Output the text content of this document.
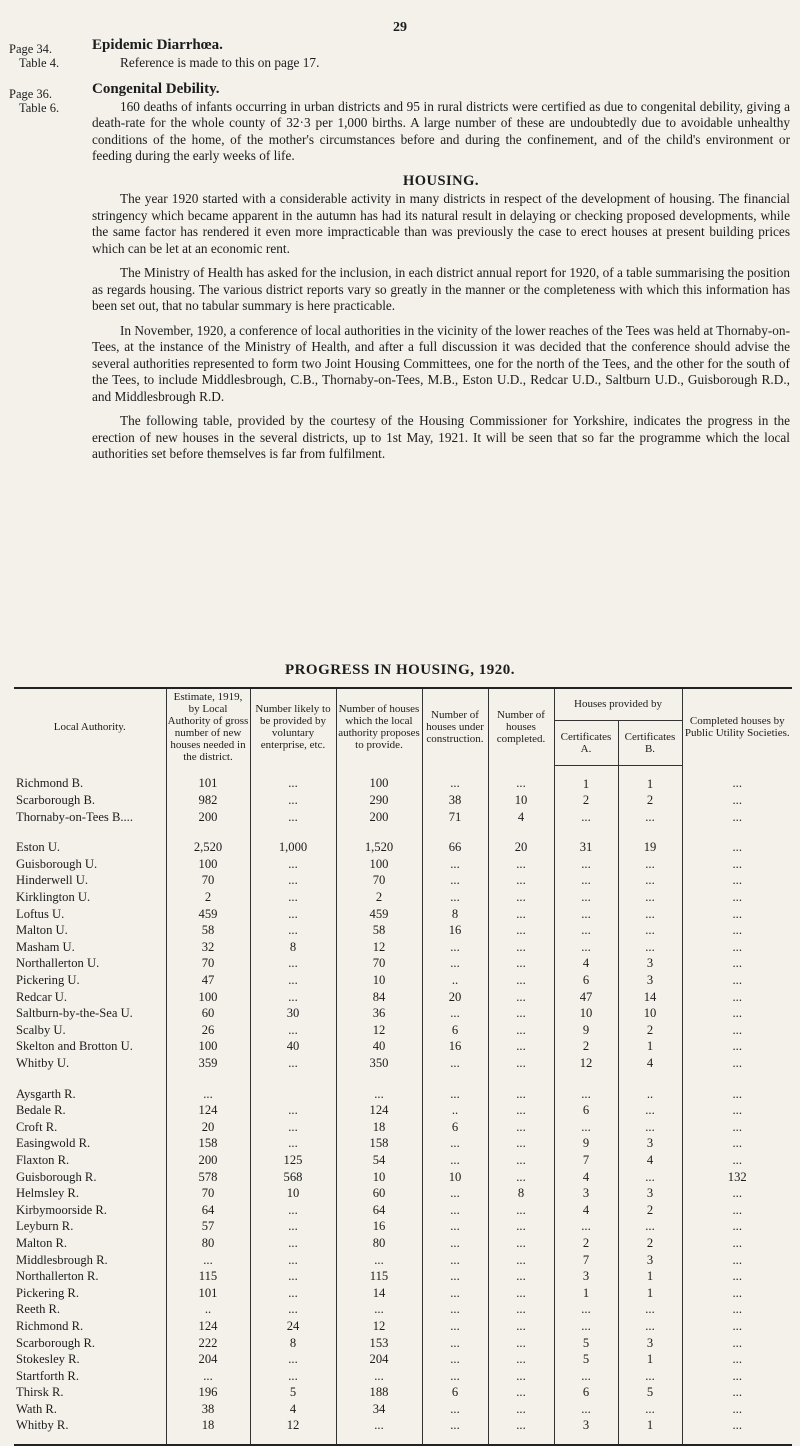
29
Page 34.
Table 4.
Page 36.
Table 6.
Epidemic Diarrhœa.

Reference is made to this on page 17.

Congenital Debility.

160 deaths of infants occurring in urban districts and 95 in rural districts were certified as due to congenital debility, giving a death-rate for the whole county of 32·3 per 1,000 births. A large number of these are undoubtedly due to avoidable unhealthy conditions of the home, of the mother's circumstances before and during the confinement, and of the child's environment or feeding during the early weeks of life.

HOUSING.

The year 1920 started with a considerable activity in many districts in respect of the development of housing. The financial stringency which became apparent in the autumn has had its natural result in delaying or checking proposed developments, while the same factor has rendered it even more impracticable than was previously the case to erect houses at present building prices which can be let at an economic rent.

The Ministry of Health has asked for the inclusion, in each district annual report for 1920, of a table summarising the position as regards housing. The various district reports vary so greatly in the manner or the completeness with which this information has been set out, that no tabular summary is here practicable.

In November, 1920, a conference of local authorities in the vicinity of the lower reaches of the Tees was held at Thornaby-on-Tees, at the instance of the Ministry of Health, and after a full discussion it was decided that the conference should advise the several authorities represented to form two Joint Housing Committees, one for the north of the Tees, and the other for the south of the Tees, to include Middlesbrough, C.B., Thornaby-on-Tees, M.B., Eston U.D., Redcar U.D., Saltburn U.D., Guisborough R.D., and Middlesbrough R.D.

The following table, provided by the courtesy of the Housing Commissioner for Yorkshire, indicates the progress in the erection of new houses in the several districts, up to 1st May, 1921. It will be seen that so far the programme which the local authorities set before themselves is far from fulfilment.

PROGRESS IN HOUSING, 1920.
Local Authority.	Estimate, 1919, by Local Authority of gross number of new houses needed in the district.	Number likely to be provided by voluntary enterprise, etc.	Number of houses which the local authority proposes to provide.	Number of houses under construction.	Number of houses completed.	Houses provided by		Completed houses by Public Utility Societies.
						Certificates A.	Certificates B.	
Richmond B.	101	...	100	...	...	1	1	...
Scarborough B.	982	...	290	38	10	2	2	...
Thornaby-on-Tees B....	200	...	200	71	4	...	...	...

Eston U.	2,520	1,000	1,520	66	20	31	19	...
Guisborough U.	100	...	100	...	...	...	...	...
Hinderwell U.	70	...	70	...	...	...	...	...
Kirklington U.	2	...	2	...	...	...	...	...
Loftus U.	459	...	459	8	...	...	...	...
Malton U.	58	...	58	16	...	...	...	...
Masham U.	32	8	12	...	...	...	...	...
Northallerton U.	70	...	70	...	...	4	3	...
Pickering U.	47	...	10	..	...	6	3	...
Redcar U.	100	...	84	20	...	47	14	...
Saltburn-by-the-Sea U.	60	30	36	...	...	10	10	...
Scalby U.	26	...	12	6	...	9	2	...
Skelton and Brotton U.	100	40	40	16	...	2	1	...
Whitby U.	359	...	350	...	...	12	4	...

Aysgarth R.	...		...	...	...	...	..	...
Bedale R.	124	...	124	..	...	6	...	...
Croft R.	20	...	18	6	...	...	...	...
Easingwold R.	158	...	158	...	...	9	3	...
Flaxton R.	200	125	54	...	...	7	4	...
Guisborough R.	578	568	10	10	...	4	...	132
Helmsley R.	70	10	60	...	8	3	3	...
Kirbymoorside R.	64	...	64	...	...	4	2	...
Leyburn R.	57	...	16	...	...	...	...	...
Malton R.	80	...	80	...	...	2	2	...
Middlesbrough R.	...	...	...	...	...	7	3	...
Northallerton R.	115	...	115	...	...	3	1	...
Pickering R.	101	...	14	...	...	1	1	...
Reeth R.	..	...	...	...	...	...	...	...
Richmond R.	124	24	12	...	...	...	...	...
Scarborough R.	222	8	153	...	...	5	3	...
Stokesley R.	204	...	204	...	...	5	1	...
Startforth R.	...	...	...	...	...	...	...	...
Thirsk R.	196	5	188	6	...	6	5	...
Wath R.	38	4	34	...	...	...	...	...
Whitby R.	18	12	...	...	...	3	1	...
